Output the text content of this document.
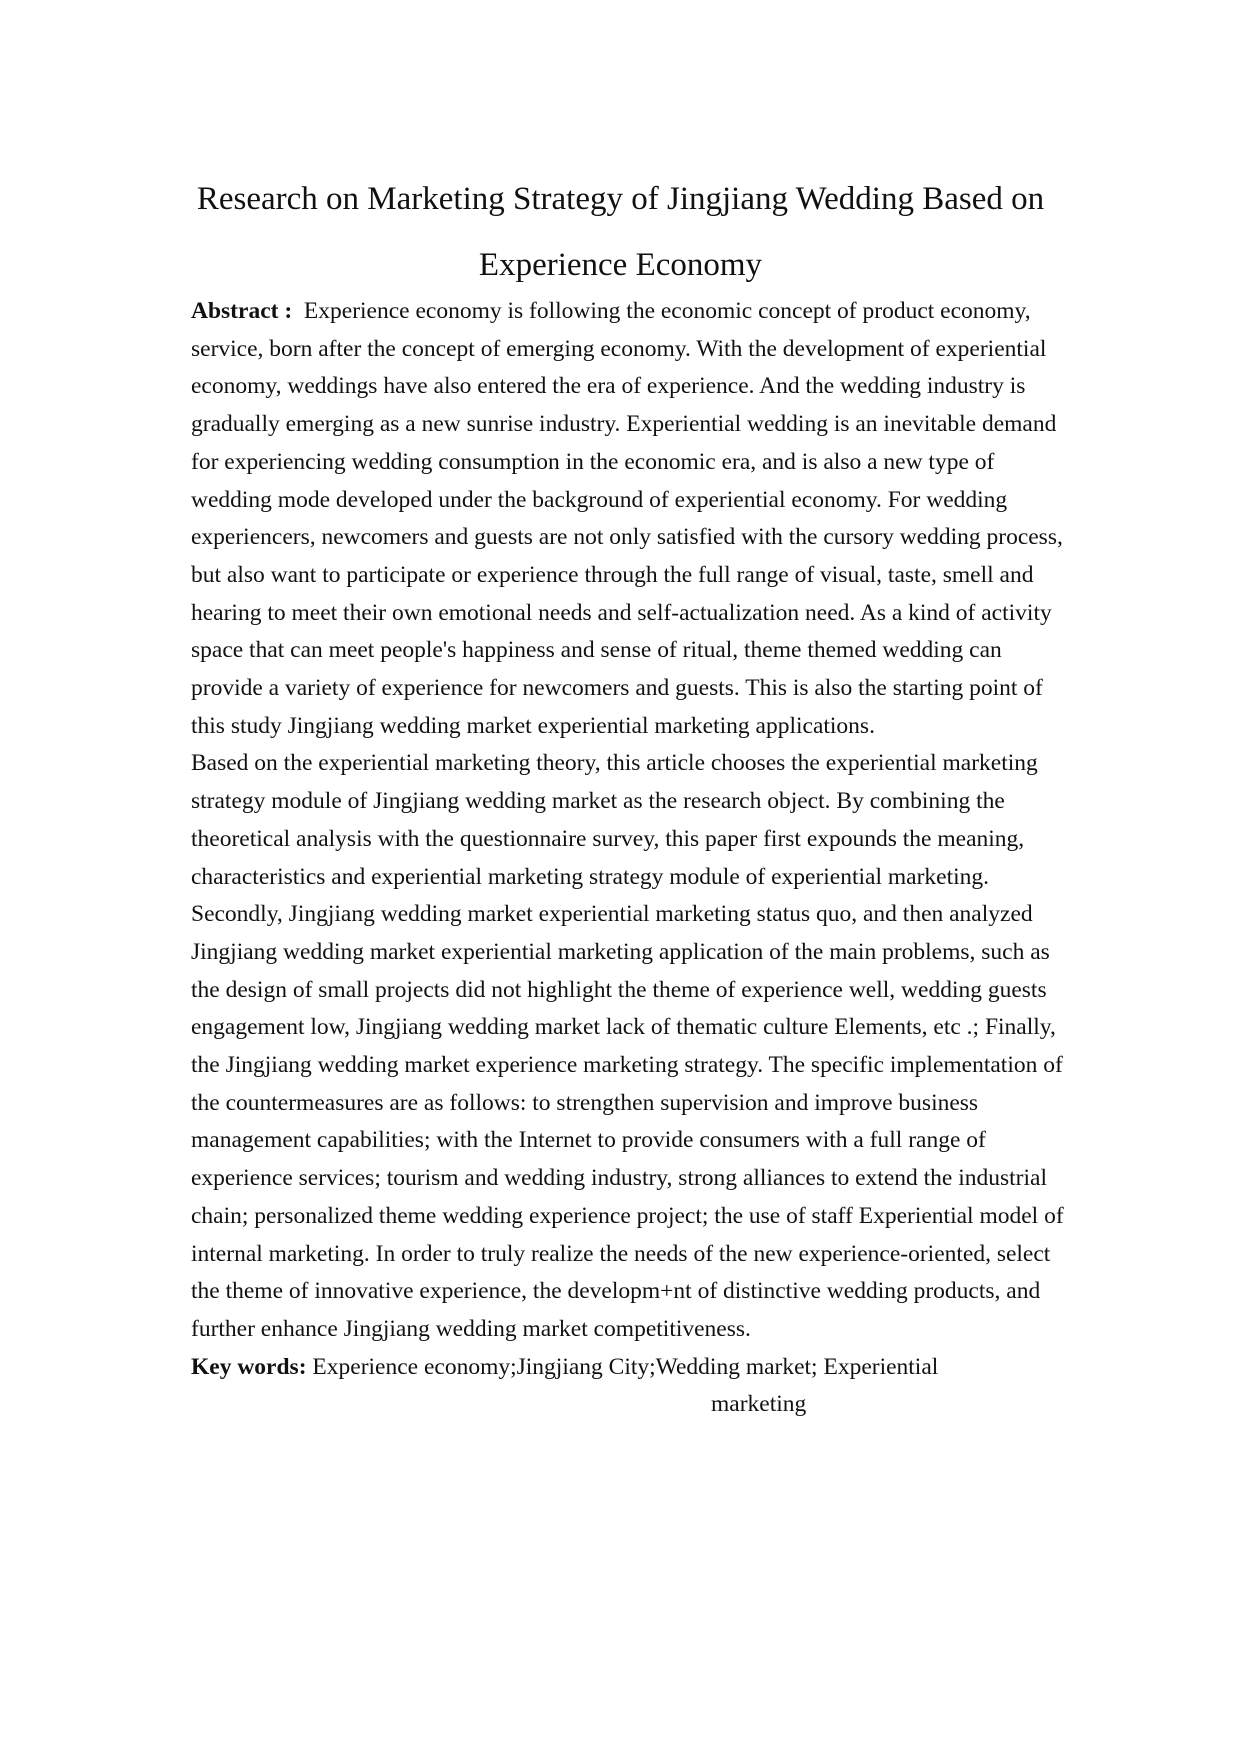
Research on Marketing Strategy of Jingjiang Wedding Based on
Experience Economy

Abstract : Experience economy is following the economic concept of product economy, service, born after the concept of emerging economy. With the development of experiential economy, weddings have also entered the era of experience. And the wedding industry is gradually emerging as a new sunrise industry. Experiential wedding is an inevitable demand for experiencing wedding consumption in the economic era, and is also a new type of wedding mode developed under the background of experiential economy. For wedding experiencers, newcomers and guests are not only satisfied with the cursory wedding process, but also want to participate or experience through the full range of visual, taste, smell and hearing to meet their own emotional needs and self-actualization need. As a kind of activity space that can meet people's happiness and sense of ritual, theme themed wedding can provide a variety of experience for newcomers and guests. This is also the starting point of this study Jingjiang wedding market experiential marketing applications.

Based on the experiential marketing theory, this article chooses the experiential marketing strategy module of Jingjiang wedding market as the research object. By combining the theoretical analysis with the questionnaire survey, this paper first expounds the meaning, characteristics and experiential marketing strategy module of experiential marketing. Secondly, Jingjiang wedding market experiential marketing status quo, and then analyzed Jingjiang wedding market experiential marketing application of the main problems, such as the design of small projects did not highlight the theme of experience well, wedding guests engagement low, Jingjiang wedding market lack of thematic culture Elements, etc .; Finally, the Jingjiang wedding market experience marketing strategy. The specific implementation of the countermeasures are as follows: to strengthen supervision and improve business management capabilities; with the Internet to provide consumers with a full range of experience services; tourism and wedding industry, strong alliances to extend the industrial chain; personalized theme wedding experience project; the use of staff Experiential model of internal marketing. In order to truly realize the needs of the new experience-oriented, select the theme of innovative experience, the developm+nt of distinctive wedding products, and further enhance Jingjiang wedding market competitiveness.

Key words: Experience economy;Jingjiang City;Wedding market; Experiential
marketing
